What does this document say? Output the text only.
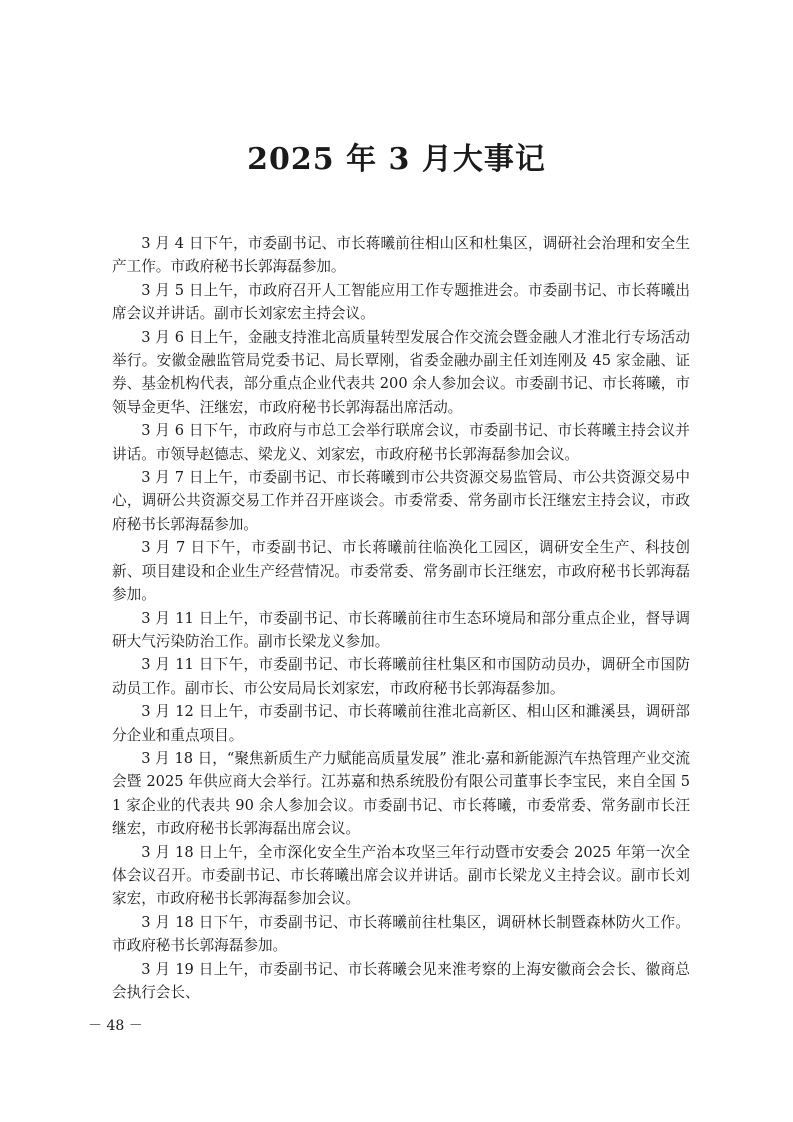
2025 年 3 月大事记

3 月 4 日下午，市委副书记、市长蒋曦前往相山区和杜集区，调研社会治理和安全生产工作。市政府秘书长郭海磊参加。

3 月 5 日上午，市政府召开人工智能应用工作专题推进会。市委副书记、市长蒋曦出席会议并讲话。副市长刘家宏主持会议。

3 月 6 日上午，金融支持淮北高质量转型发展合作交流会暨金融人才淮北行专场活动举行。安徽金融监管局党委书记、局长覃刚，省委金融办副主任刘连刚及 45 家金融、证券、基金机构代表，部分重点企业代表共 200 余人参加会议。市委副书记、市长蒋曦，市领导金更华、汪继宏，市政府秘书长郭海磊出席活动。

3 月 6 日下午，市政府与市总工会举行联席会议，市委副书记、市长蒋曦主持会议并讲话。市领导赵德志、梁龙义、刘家宏，市政府秘书长郭海磊参加会议。

3 月 7 日上午，市委副书记、市长蒋曦到市公共资源交易监管局、市公共资源交易中心，调研公共资源交易工作并召开座谈会。市委常委、常务副市长汪继宏主持会议，市政府秘书长郭海磊参加。

3 月 7 日下午，市委副书记、市长蒋曦前往临涣化工园区，调研安全生产、科技创新、项目建设和企业生产经营情况。市委常委、常务副市长汪继宏，市政府秘书长郭海磊参加。

3 月 11 日上午，市委副书记、市长蒋曦前往市生态环境局和部分重点企业，督导调研大气污染防治工作。副市长梁龙义参加。

3 月 11 日下午，市委副书记、市长蒋曦前往杜集区和市国防动员办，调研全市国防动员工作。副市长、市公安局局长刘家宏，市政府秘书长郭海磊参加。

3 月 12 日上午，市委副书记、市长蒋曦前往淮北高新区、相山区和濉溪县，调研部分企业和重点项目。

3 月 18 日，“聚焦新质生产力赋能高质量发展” 淮北·嘉和新能源汽车热管理产业交流会暨 2025 年供应商大会举行。江苏嘉和热系统股份有限公司董事长李宝民，来自全国 51 家企业的代表共 90 余人参加会议。市委副书记、市长蒋曦，市委常委、常务副市长汪继宏，市政府秘书长郭海磊出席会议。

3 月 18 日上午，全市深化安全生产治本攻坚三年行动暨市安委会 2025 年第一次全体会议召开。市委副书记、市长蒋曦出席会议并讲话。副市长梁龙义主持会议。副市长刘家宏，市政府秘书长郭海磊参加会议。

3 月 18 日下午，市委副书记、市长蒋曦前往杜集区，调研林长制暨森林防火工作。市政府秘书长郭海磊参加。

3 月 19 日上午，市委副书记、市长蒋曦会见来淮考察的上海安徽商会会长、徽商总会执行会长、

－ 48 －
